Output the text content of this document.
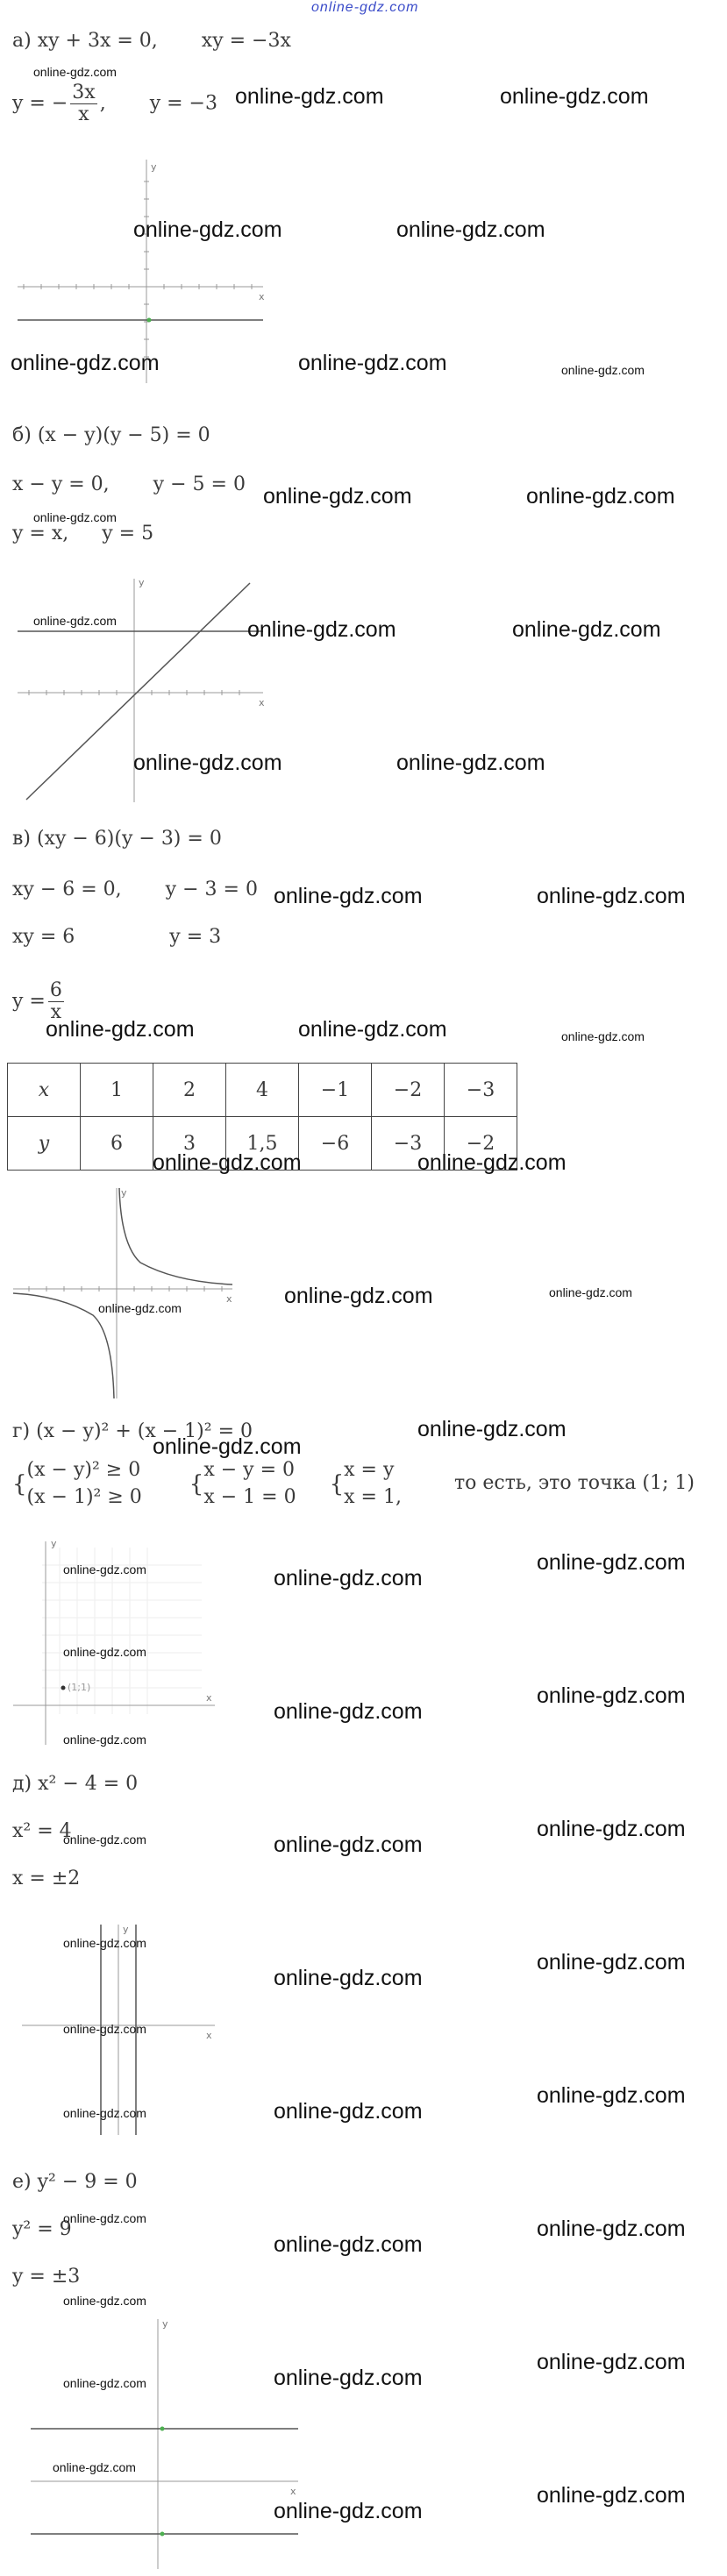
online-gdz.com
а) xy + 3x = 0, xy = −3x
y = − $\frac{3x}{x}$ , y = −3
y
x
б) (x − y)(y − 5) = 0
x − y = 0, y − 5 = 0
y = x, y = 5
y
x
в) (xy − 6)(y − 3) = 0
xy − 6 = 0, y − 3 = 0
xy = 6	y = 3
$y = \frac{6}{x}$
x	1	2	4	−1	−2	−3
y	6	3	1,5	−6	−3	−2
y
x
г) (x − y)² + (x − 1)² = 0
{(x − y)² ≥ 0
(x − 1)² ≥ 0 {x − y = 0
x − 1 = 0 {x = y
x = 1,то есть, это точка (1; 1)
(1;1)
y
x
д) x² − 4 = 0
x² = 4
x = ±2
y
x
е) y² − 9 = 0
y² = 9
y = ±3
y
x
online-gdz.com	online-gdz.com
online-gdz.com	online-gdz.com
online-gdz.com	online-gdz.com
online-gdz.com	online-gdz.com
online-gdz.com	online-gdz.com
online-gdz.com	online-gdz.com
online-gdz.com	online-gdz.com
online-gdz.com	online-gdz.com
online-gdz.com	online-gdz.com
online-gdz.com
online-gdz.com
online-gdz.com
online-gdz.com
online-gdz.com
online-gdz.com
online-gdz.com
online-gdz.com
online-gdz.com
online-gdz.com
online-gdz.com
online-gdz.com
online-gdz.com
online-gdz.com
online-gdz.com
online-gdz.com
online-gdz.com
online-gdz.com
online-gdz.com
online-gdz.com
online-gdz.com
online-gdz.com
online-gdz.com
online-gdz.com
online-gdz.com
online-gdz.com
online-gdz.com
online-gdz.com
online-gdz.com
online-gdz.com
online-gdz.com
online-gdz.com
online-gdz.com
online-gdz.com
online-gdz.com
online-gdz.com
online-gdz.com
